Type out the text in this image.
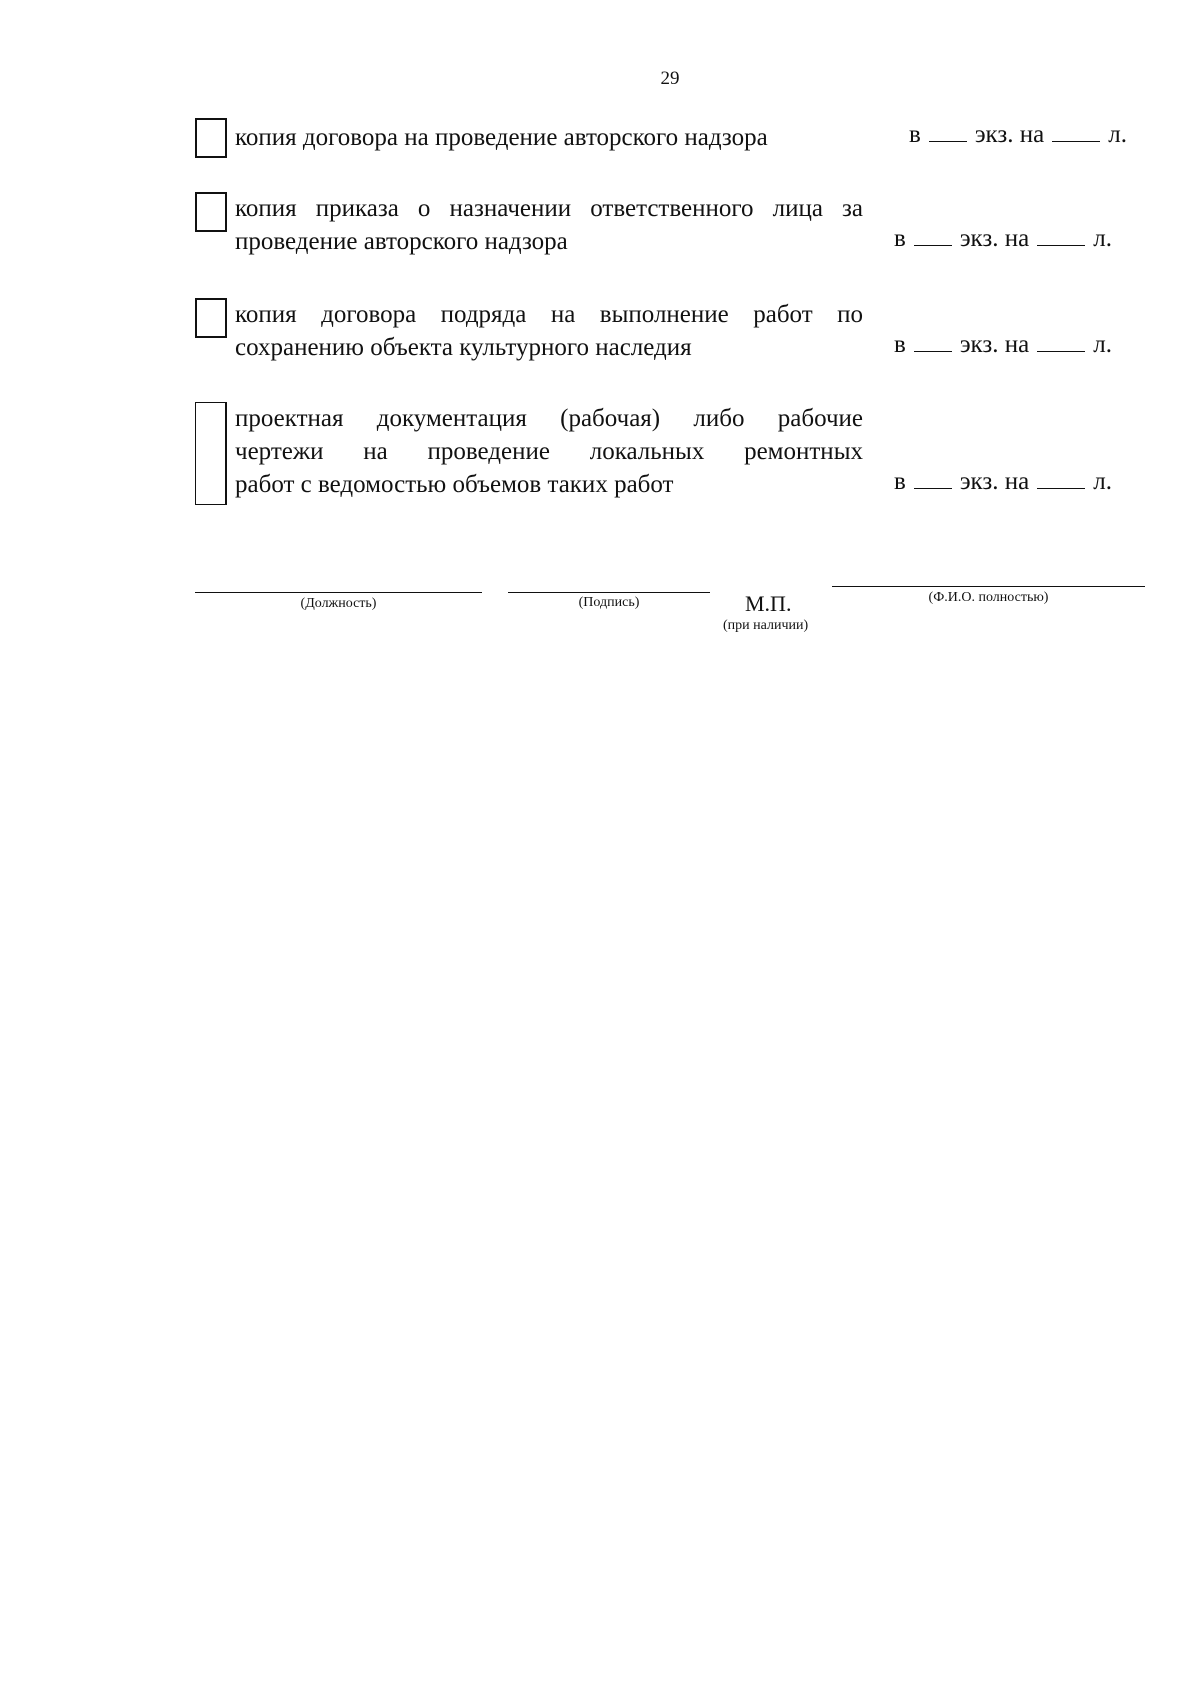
29
копия договора на проведение авторского надзора	в экз. на	л.
копия приказа о назначении ответственного лица за
проведение авторского надзора	в экз. на	л.
копия договора подряда на выполнение работ по
сохранению объекта культурного наследия	в экз. на	л.
проектная документация (рабочая) либо рабочие
чертежи на проведение локальных ремонтных
работ с ведомостью объемов таких работ	в экз. на	л.
(Должность)	(Подпись)	М.П.
(при наличии)
(Ф.И.О. полностью)
